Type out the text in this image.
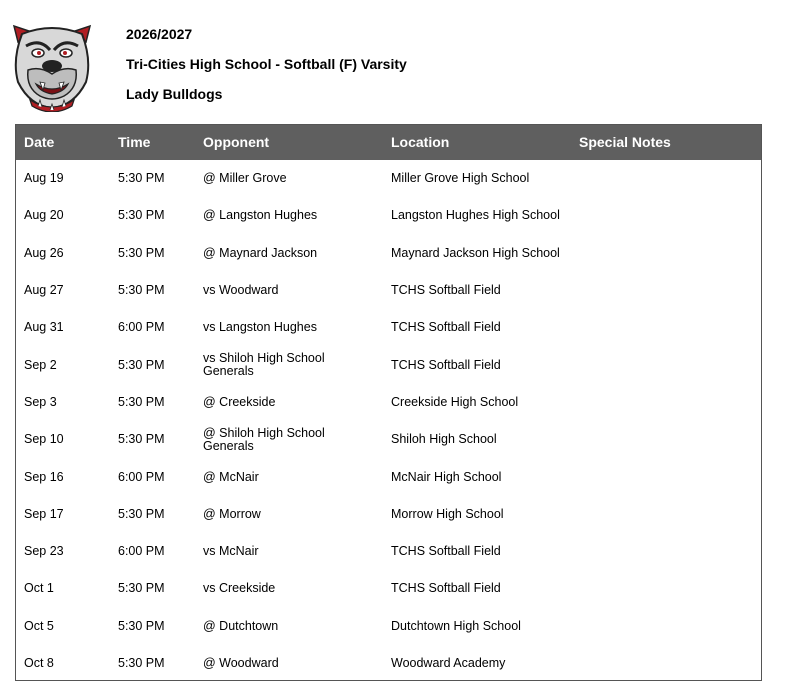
2026/2027
Tri-Cities High School - Softball (F) Varsity
Lady Bulldogs
Date	Time	Opponent	Location	Special Notes
Aug 19	5:30 PM	@ Miller Grove	Miller Grove High School
Aug 20	5:30 PM	@ Langston Hughes	Langston Hughes High School
Aug 26	5:30 PM	@ Maynard Jackson	Maynard Jackson High School
Aug 27	5:30 PM	vs Woodward	TCHS Softball Field
Aug 31	6:00 PM	vs Langston Hughes	TCHS Softball Field
Sep 2	5:30 PM	vs Shiloh High School Generals	TCHS Softball Field
Sep 3	5:30 PM	@ Creekside	Creekside High School
Sep 10	5:30 PM	@ Shiloh High School Generals	Shiloh High School
Sep 16	6:00 PM	@ McNair	McNair High School
Sep 17	5:30 PM	@ Morrow	Morrow High School
Sep 23	6:00 PM	vs McNair	TCHS Softball Field
Oct 1	5:30 PM	vs Creekside	TCHS Softball Field
Oct 5	5:30 PM	@ Dutchtown	Dutchtown High School
Oct 8	5:30 PM	@ Woodward	Woodward Academy
